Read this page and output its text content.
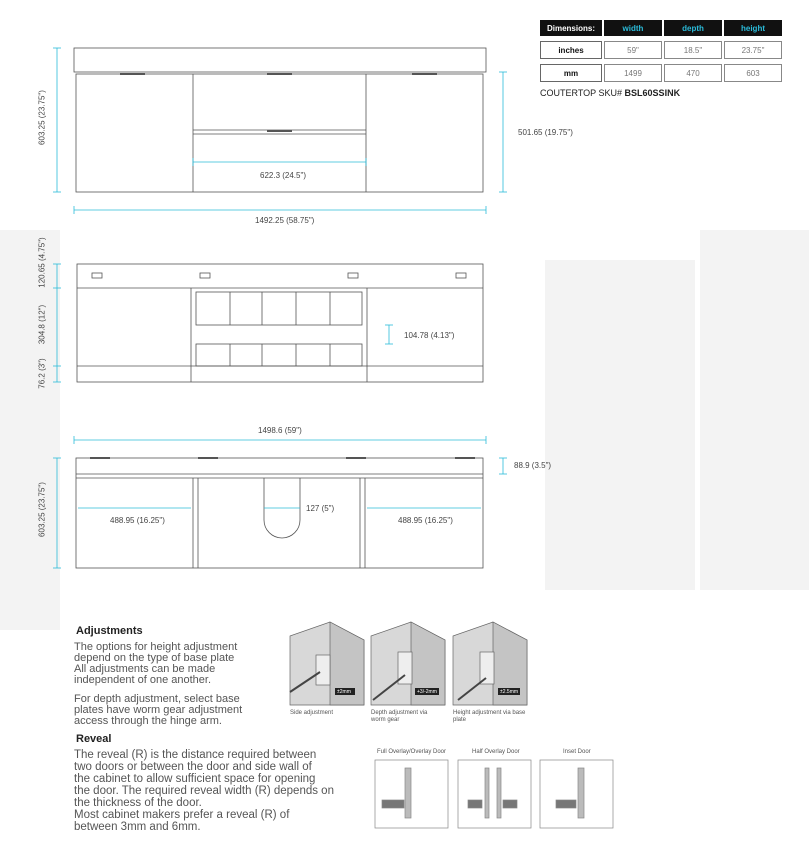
Dimensions:	width	depth	height

inches	59"	18.5"	23.75"

mm	1499	470	603
COUTERTOP SKU# BSL60SSINK
603.25 (23.75")	501.65 (19.75")
622.3 (24.5")
1492.25 (58.75")
120.65 (4.75")
304.8 (12")
76.2 (3")
104.78 (4.13")
1498.6 (59")
603.25 (23.75")
88.9 (3.5")
488.95 (16.25")
127 (5")
488.95 (16.25")
Adjustments
The options for height adjustment
depend on the type of base plate
All adjustments can be made
independent of one another.
For depth adjustment, select base
plates have worm gear adjustment
access through the hinge arm.
±2mm	+3/-2mm	±2.5mm
Side adjustment	Depth adjustment via
worm gear
Height adjustment via base
plate
Reveal
The reveal (R) is the distance required between
two doors or between the door and side wall of
the cabinet to allow sufficient space for opening
the door. The required reveal width (R) depends on
the thickness of the door.
Most cabinet makers prefer a reveal (R) of
between 3mm and 6mm.
Full Overlay/Overlay Door	Half Overlay Door	Inset Door
